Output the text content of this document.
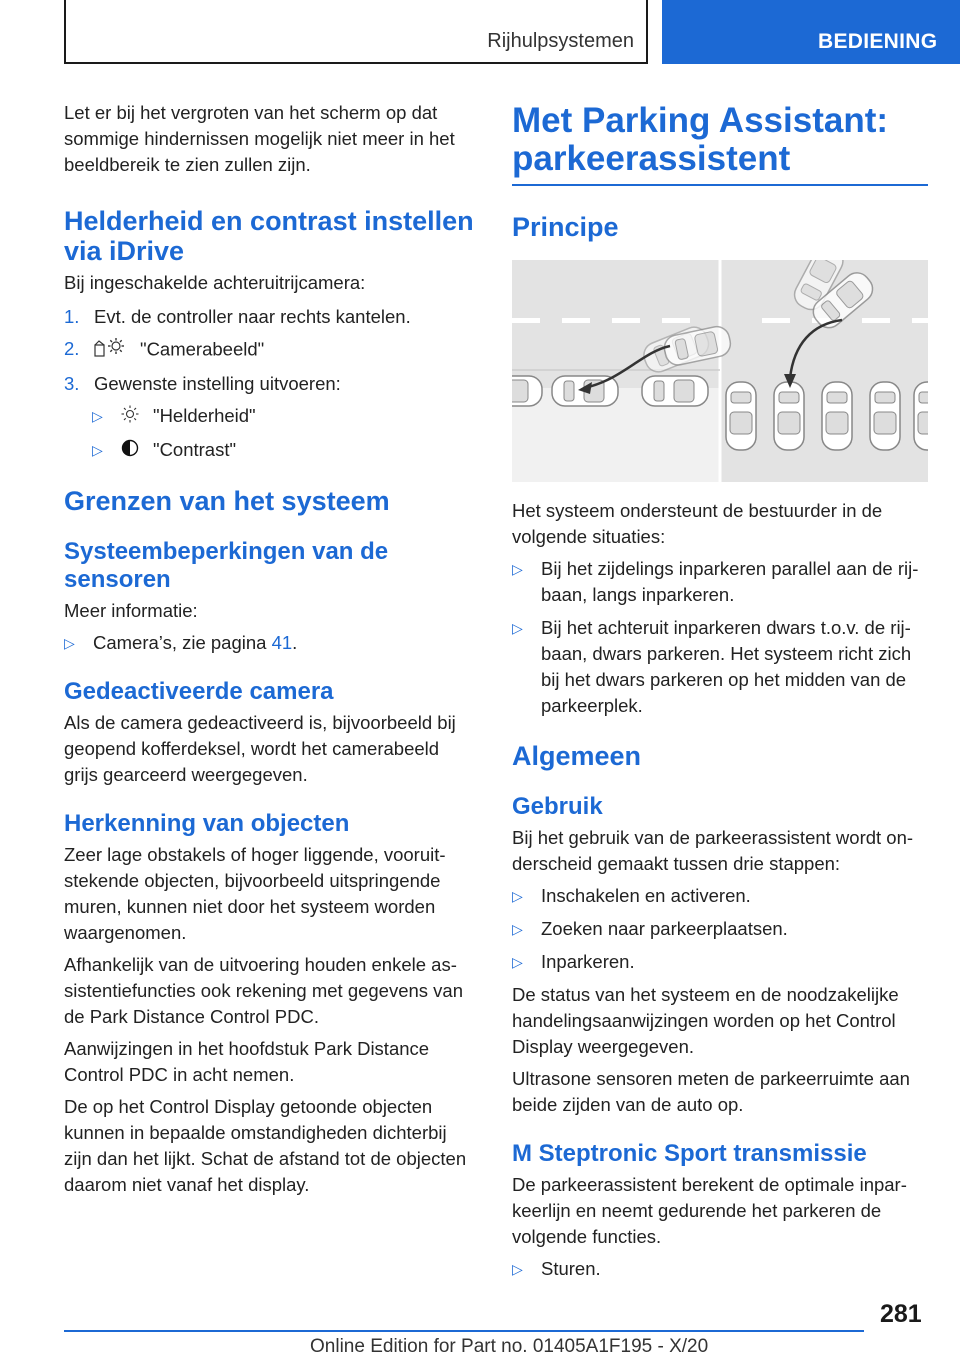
Rijhulpsystemen	BEDIENING

Let er bij het vergroten van het scherm op dat sommige hindernissen mogelijk niet meer in het beeldbereik te zien zullen zijn.

Helderheid en contrast instellen via iDrive

Bij ingeschakelde achteruitrijcamera:

1. Evt. de controller naar rechts kantelen.
2.	"Camerabeeld"
3. Gewenste instelling uitvoeren:
▷	"Helderheid"
▷	"Contrast"
Grenzen van het systeem
Systeembeperkingen van de sensoren

Meer informatie:

▷ Camera’s, zie pagina 41.
Gedeactiveerde camera

Als de camera gedeactiveerd is, bijvoorbeeld bij geopend kofferdeksel, wordt het camerabeeld grijs gearceerd weergegeven.

Herkenning van objecten

Zeer lage obstakels of hoger liggende, vooruitstekende objecten, bijvoorbeeld uitspringende muren, kunnen niet door het systeem worden waargenomen.

Afhankelijk van de uitvoering houden enkele assistentiefuncties ook rekening met gegevens van de Park Distance Control PDC.

Aanwijzingen in het hoofdstuk Park Distance Control PDC in acht nemen.

De op het Control Display getoonde objecten kunnen in bepaalde omstandigheden dichterbij zijn dan het lijkt. Schat de afstand tot de objecten daarom niet vanaf het display.

Met Parking Assistant: parkeerassistent
Principe

Het systeem ondersteunt de bestuurder in de volgende situaties:

▷ Bij het zijdelings inparkeren parallel aan de rijbaan, langs inparkeren.
▷ Bij het achteruit inparkeren dwars t.o.v. de rijbaan, dwars parkeren. Het systeem richt zich bij het dwars parkeren op het midden van de parkeerplek.
Algemeen
Gebruik

Bij het gebruik van de parkeerassistent wordt onderscheid gemaakt tussen drie stappen:

▷ Inschakelen en activeren.
▷ Zoeken naar parkeerplaatsen.
▷ Inparkeren.

De status van het systeem en de noodzakelijke handelingsaanwijzingen worden op het Control Display weergegeven.

Ultrasone sensoren meten de parkeerruimte aan beide zijden van de auto op.

M Steptronic Sport transmissie

De parkeerassistent berekent de optimale inparkeerlijn en neemt gedurende het parkeren de volgende functies.

▷ Sturen.
281
Online Edition for Part no. 01405A1F195 - X/20
